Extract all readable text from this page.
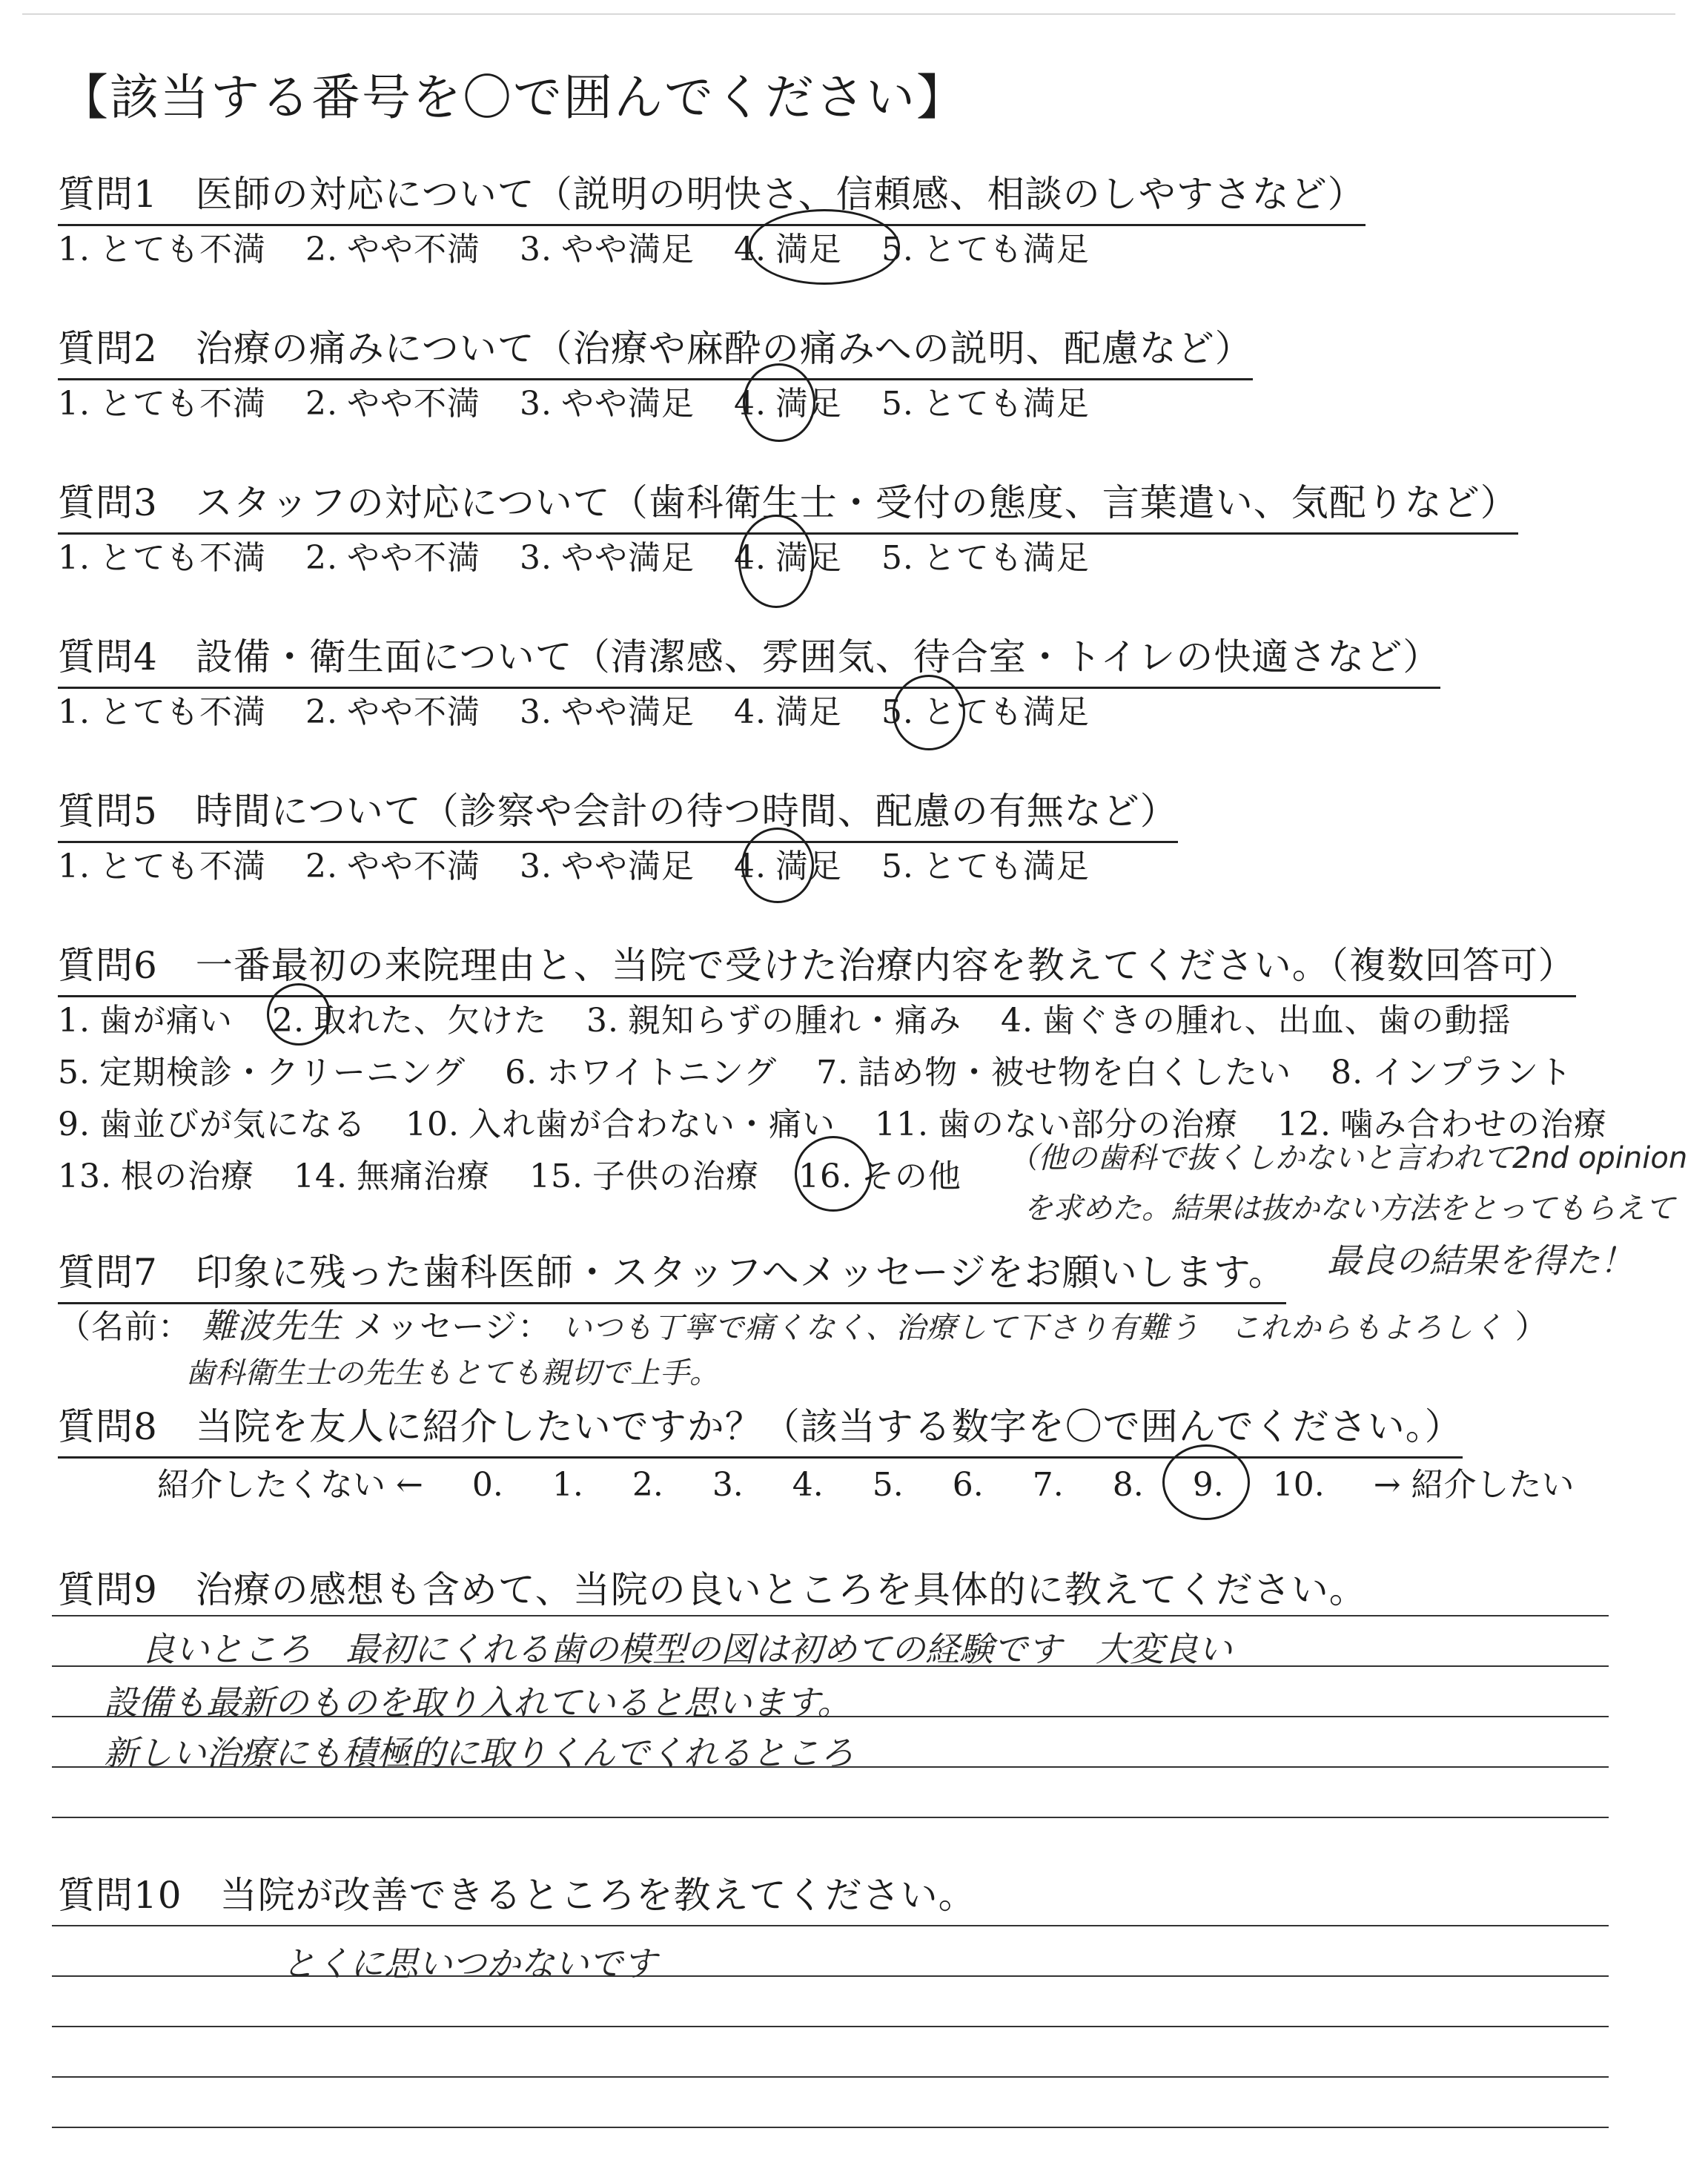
【該当する番号を〇で囲んでください】
質問1　医師の対応について（説明の明快さ、信頼感、相談のしやすさなど）
1. とても不満 2. やや不満 3. やや満足 4. 満足 5. とても満足
質問2　治療の痛みについて（治療や麻酔の痛みへの説明、配慮など）
1. とても不満 2. やや不満 3. やや満足 4. 満足 5. とても満足
質問3　スタッフの対応について（歯科衛生士・受付の態度、言葉遣い、気配りなど）
1. とても不満 2. やや不満 3. やや満足 4. 満足 5. とても満足
質問4　設備・衛生面について（清潔感、雰囲気、待合室・トイレの快適さなど）
1. とても不満 2. やや不満 3. やや満足 4. 満足 5. とても満足
質問5　時間について（診察や会計の待つ時間、配慮の有無など）
1. とても不満 2. やや不満 3. やや満足 4. 満足 5. とても満足
質問6　一番最初の来院理由と、当院で受けた治療内容を教えてください。（複数回答可）
1. 歯が痛い 2. 取れた、欠けた 3. 親知らずの腫れ・痛み 4. 歯ぐきの腫れ、出血、歯の動揺
5. 定期検診・クリーニング 6. ホワイトニング 7. 詰め物・被せ物を白くしたい 8. インプラント
9. 歯並びが気になる 10. 入れ歯が合わない・痛い 11. 歯のない部分の治療 12. 噛み合わせの治療
13. 根の治療 14. 無痛治療 15. 子供の治療 16. その他	（他の歯科で抜くしかないと言われて2nd opinion
を求めた。結果は抜かない方法をとってもらえて
最良の結果を得た！
質問7　印象に残った歯科医師・スタッフへメッセージをお願いします。
（名前： 難波先生 メッセージ： いつも丁寧で痛くなく、治療して下さり有難う　これからもよろしく ）
歯科衛生士の先生もとても親切で上手。
質問8　当院を友人に紹介したいですか？（該当する数字を〇で囲んでください。）
紹介したくない ← 0. 1. 2. 3. 4. 5. 6. 7. 8. 9. 10. → 紹介したい
質問9　治療の感想も含めて、当院の良いところを具体的に教えてください。
良いところ　最初にくれる歯の模型の図は初めての経験です　大変良い
設備も最新のものを取り入れていると思います。
新しい治療にも積極的に取りくんでくれるところ
質問10　当院が改善できるところを教えてください。
とくに思いつかないです
